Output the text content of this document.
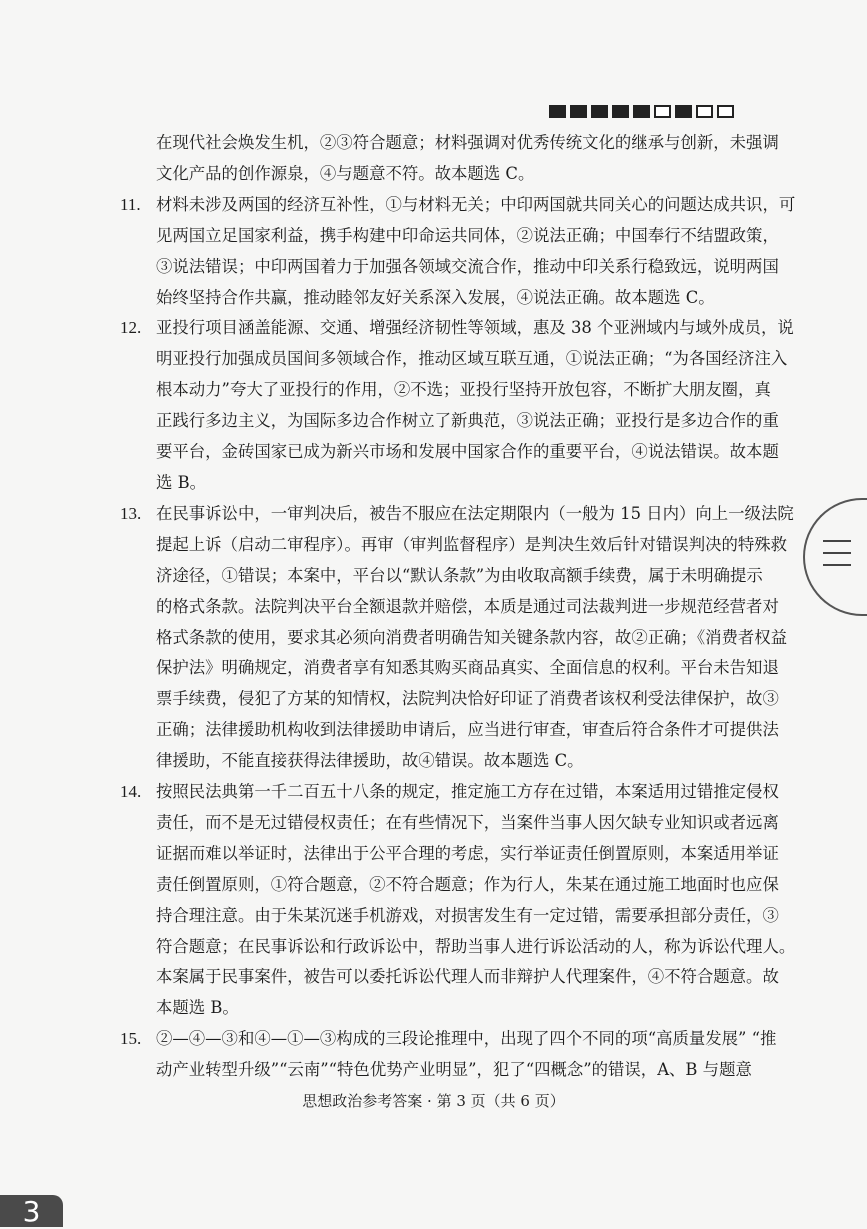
在现代社会焕发生机，②③符合题意；材料强调对优秀传统文化的继承与创新，未强调
文化产品的创作源泉，④与题意不符。故本题选 C。
11. 材料未涉及两国的经济互补性，①与材料无关；中印两国就共同关心的问题达成共识，可
见两国立足国家利益，携手构建中印命运共同体，②说法正确；中国奉行不结盟政策，
③说法错误；中印两国着力于加强各领域交流合作，推动中印关系行稳致远，说明两国
始终坚持合作共赢，推动睦邻友好关系深入发展，④说法正确。故本题选 C。
12. 亚投行项目涵盖能源、交通、增强经济韧性等领域，惠及 38 个亚洲域内与域外成员，说
明亚投行加强成员国间多领域合作，推动区域互联互通，①说法正确；“为各国经济注入
根本动力”夸大了亚投行的作用，②不选；亚投行坚持开放包容，不断扩大朋友圈，真
正践行多边主义，为国际多边合作树立了新典范，③说法正确；亚投行是多边合作的重
要平台，金砖国家已成为新兴市场和发展中国家合作的重要平台，④说法错误。故本题
选 B。
13. 在民事诉讼中，一审判决后，被告不服应在法定期限内（一般为 15 日内）向上一级法院
提起上诉（启动二审程序）。再审（审判监督程序）是判决生效后针对错误判决的特殊救
济途径，①错误；本案中，平台以“默认条款”为由收取高额手续费，属于未明确提示
的格式条款。法院判决平台全额退款并赔偿，本质是通过司法裁判进一步规范经营者对
格式条款的使用，要求其必须向消费者明确告知关键条款内容，故②正确；《消费者权益
保护法》明确规定，消费者享有知悉其购买商品真实、全面信息的权利。平台未告知退
票手续费，侵犯了方某的知情权，法院判决恰好印证了消费者该权利受法律保护，故③
正确；法律援助机构收到法律援助申请后，应当进行审查，审查后符合条件才可提供法
律援助，不能直接获得法律援助，故④错误。故本题选 C。
14. 按照民法典第一千二百五十八条的规定，推定施工方存在过错，本案适用过错推定侵权
责任，而不是无过错侵权责任；在有些情况下，当案件当事人因欠缺专业知识或者远离
证据而难以举证时，法律出于公平合理的考虑，实行举证责任倒置原则，本案适用举证
责任倒置原则，①符合题意，②不符合题意；作为行人，朱某在通过施工地面时也应保
持合理注意。由于朱某沉迷手机游戏，对损害发生有一定过错，需要承担部分责任，③
符合题意；在民事诉讼和行政诉讼中，帮助当事人进行诉讼活动的人，称为诉讼代理人。
本案属于民事案件，被告可以委托诉讼代理人而非辩护人代理案件，④不符合题意。故
本题选 B。
15. ②—④—③和④—①—③构成的三段论推理中，出现了四个不同的项“高质量发展” “推
动产业转型升级”“云南”“特色优势产业明显”，犯了“四概念”的错误，A、B 与题意
思想政治参考答案 · 第 3 页（共 6 页）
3
